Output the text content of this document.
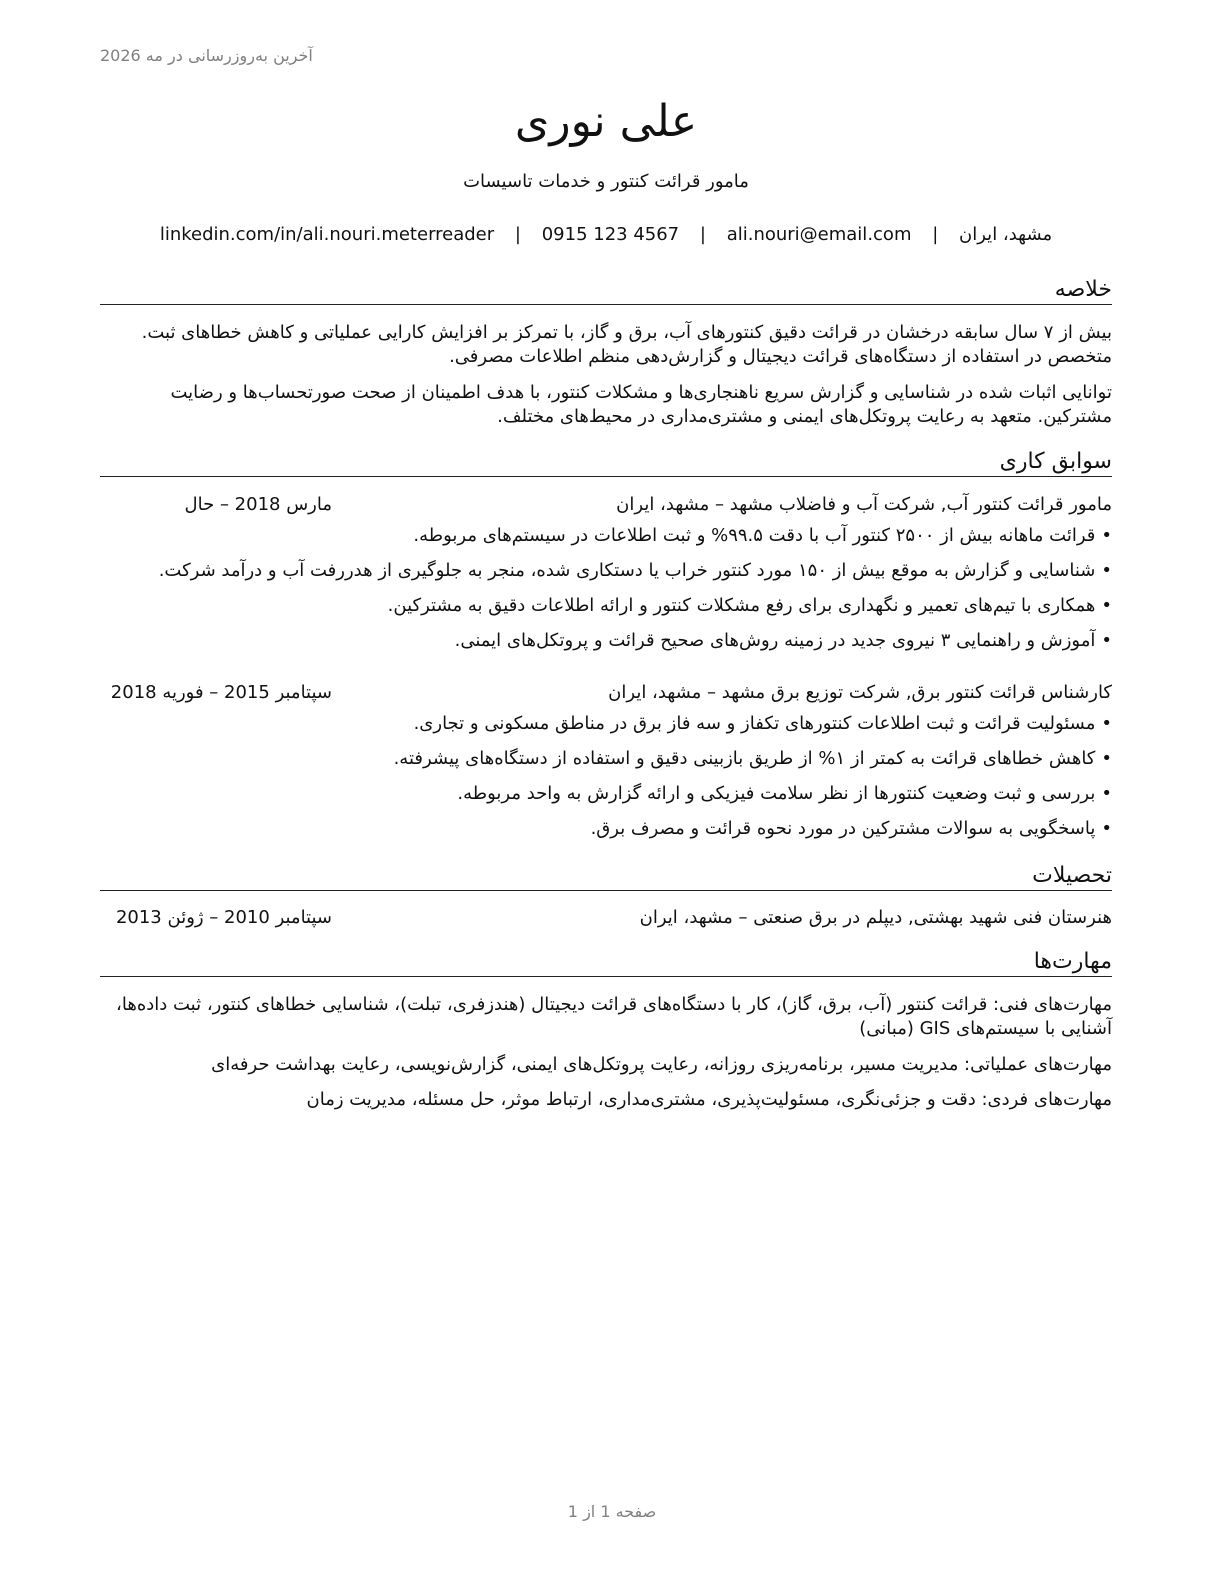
آخرین به‌روزرسانی در مه 2026
علی نوری
مامور قرائت کنتور و خدمات تاسیسات
مشهد، ایران | ali.nouri@email.com | 0915 123 4567 | linkedin.com/in/ali.nouri.meterreader
خلاصه
بیش از ۷ سال سابقه درخشان در قرائت دقیق کنتورهای آب، برق و گاز، با تمرکز بر افزایش کارایی عملیاتی و کاهش خطاهای ثبت. متخصص در استفاده از دستگاه‌های قرائت دیجیتال و گزارش‌دهی منظم اطلاعات مصرفی.
توانایی اثبات شده در شناسایی و گزارش سریع ناهنجاری‌ها و مشکلات کنتور، با هدف اطمینان از صحت صورتحساب‌ها و رضایت مشترکین. متعهد به رعایت پروتکل‌های ایمنی و مشتری‌مداری در محیط‌های مختلف.
سوابق کاری
مامور قرائت کنتور آب, شرکت آب و فاضلاب مشهد – مشهد، ایران
مارس 2018 – حال
•قرائت ماهانه بیش از ۲۵۰۰ کنتور آب با دقت ۹۹.۵% و ثبت اطلاعات در سیستم‌های مربوطه.
•شناسایی و گزارش به موقع بیش از ۱۵۰ مورد کنتور خراب یا دستکاری شده، منجر به جلوگیری از هدررفت آب و درآمد شرکت.
•همکاری با تیم‌های تعمیر و نگهداری برای رفع مشکلات کنتور و ارائه اطلاعات دقیق به مشترکین.
•آموزش و راهنمایی ۳ نیروی جدید در زمینه روش‌های صحیح قرائت و پروتکل‌های ایمنی.
کارشناس قرائت کنتور برق, شرکت توزیع برق مشهد – مشهد، ایران
سپتامبر 2015 – فوریه 2018
•مسئولیت قرائت و ثبت اطلاعات کنتورهای تکفاز و سه فاز برق در مناطق مسکونی و تجاری.
•کاهش خطاهای قرائت به کمتر از ۱% از طریق بازبینی دقیق و استفاده از دستگاه‌های پیشرفته.
•بررسی و ثبت وضعیت کنتورها از نظر سلامت فیزیکی و ارائه گزارش به واحد مربوطه.
•پاسخگویی به سوالات مشترکین در مورد نحوه قرائت و مصرف برق.
تحصیلات
هنرستان فنی شهید بهشتی, دیپلم در برق صنعتی – مشهد، ایران
سپتامبر 2010 – ژوئن 2013
مهارت‌ها
مهارت‌های فنی: قرائت کنتور (آب، برق، گاز)، کار با دستگاه‌های قرائت دیجیتال (هندزفری، تبلت)، شناسایی خطاهای کنتور، ثبت داده‌ها، آشنایی با سیستم‌های GIS (مبانی)
مهارت‌های عملیاتی: مدیریت مسیر، برنامه‌ریزی روزانه، رعایت پروتکل‌های ایمنی، گزارش‌نویسی، رعایت بهداشت حرفه‌ای
مهارت‌های فردی: دقت و جزئی‌نگری، مسئولیت‌پذیری، مشتری‌مداری، ارتباط موثر، حل مسئله، مدیریت زمان
صفحه 1 از 1
